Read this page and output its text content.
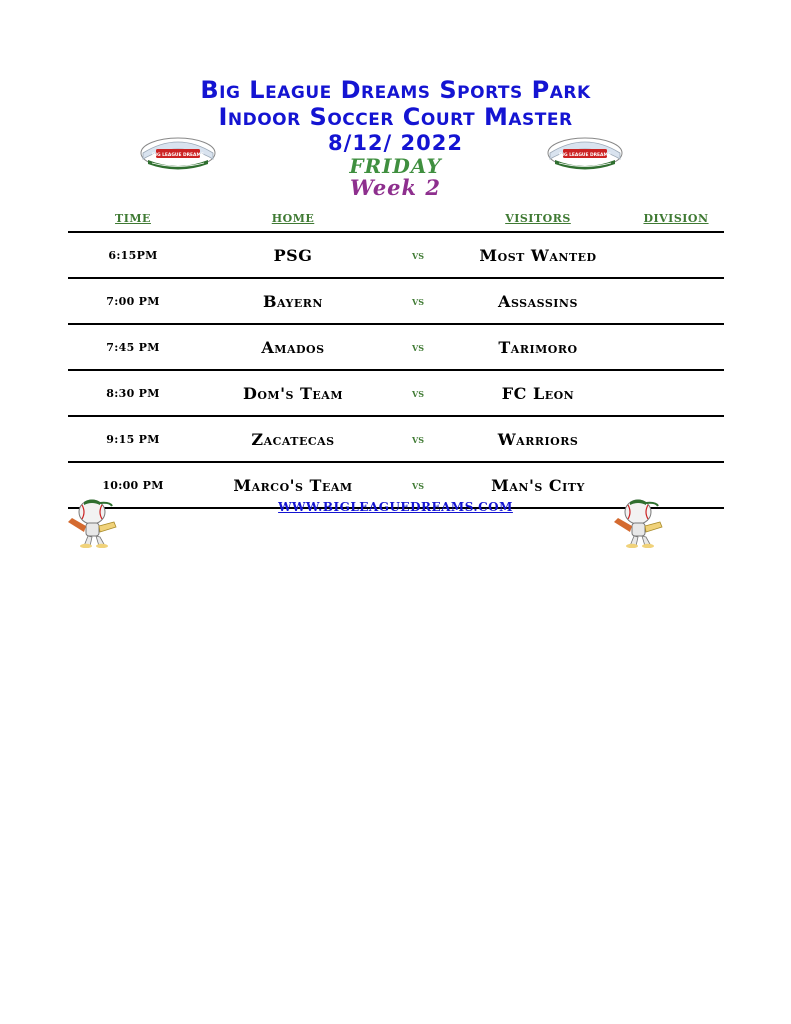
Big League Dreams Sports Park
Indoor Soccer Court Master
8/12/ 2022
FRIDAY
Week 2
BIG LEAGUE DREAMS	BIG LEAGUE DREAMS
TIME	HOME		VISITORS	DIVISION
6:15PM	PSG	vs	Most Wanted	
7:00 PM	Bayern	vs	Assassins	
7:45 PM	Amados	vs	Tarimoro	
8:30 PM	Dom's Team	vs	FC Leon	
9:15 PM	Zacatecas	vs	Warriors	
10:00 PM	Marco's Team	vs	Man's City	
WWW.BIGLEAGUEDREAMS.COM
